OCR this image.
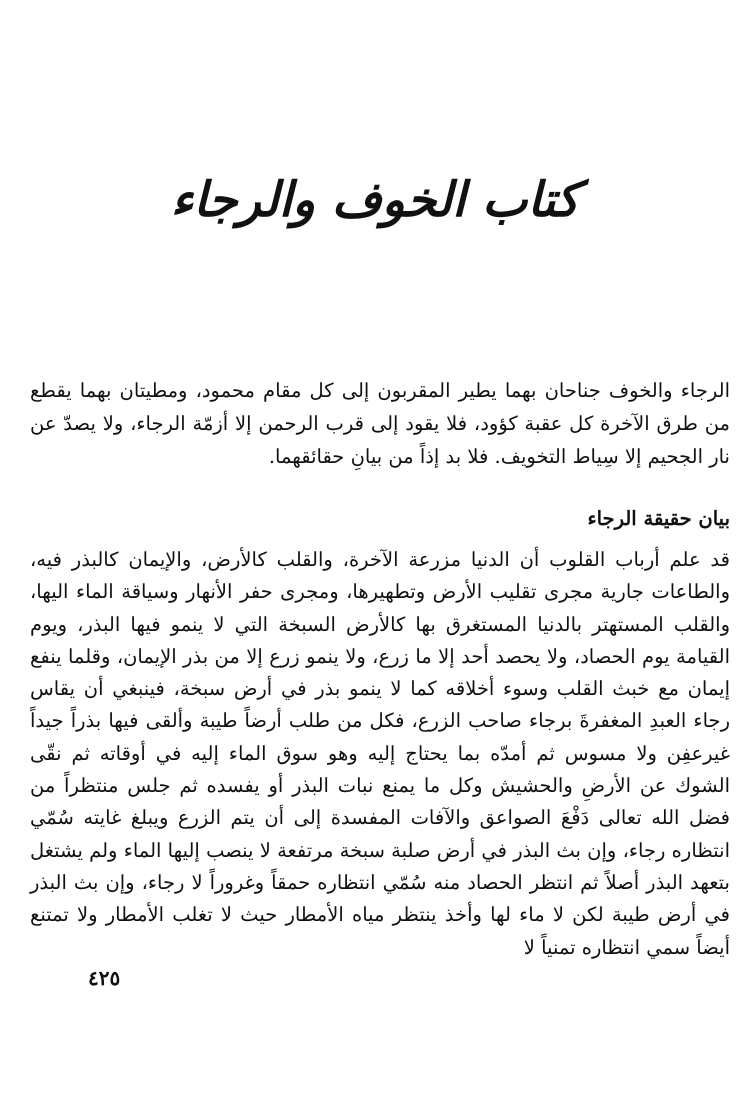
كتاب الخوف والرجاء

الرجاء والخوف جناحان بهما يطير المقربون إلى كل مقام محمود، ومطيتان بهما يقطع من طرق الآخرة كل عقبة كؤود، فلا يقود إلى قرب الرحمن إلا أزمّة الرجاء، ولا يصدّ عن نار الجحيم إلا سِياط التخويف. فلا بد إذاً من بيانِ حقائقهما.

بيان حقيقة الرجاء

قد علم أرباب القلوب أن الدنيا مزرعة الآخرة، والقلب كالأرض، والإيمان كالبذر فيه، والطاعات جارية مجرى تقليب الأرض وتطهيرها، ومجرى حفر الأنهار وسياقة الماء اليها، والقلب المستهتر بالدنيا المستغرق بها كالأرض السبخة التي لا ينمو فيها البذر، ويوم القيامة يوم الحصاد، ولا يحصد أحد إلا ما زرع، ولا ينمو زرع إلا من بذر الإيمان، وقلما ينفع إيمان مع خبث القلب وسوء أخلاقه كما لا ينمو بذر في أرض سبخة، فينبغي أن يقاس رجاء العبدِ المغفرةَ برجاء صاحب الزرع، فكل من طلب أرضاً طيبة وألقى فيها بذراً جيداً غيرعفِن ولا مسوس ثم أمدّه بما يحتاج إليه وهو سوق الماء إليه في أوقاته ثم نقّى الشوك عن الأرضِ والحشيش وكل ما يمنع نبات البذر أو يفسده ثم جلس منتظراً من فضل الله تعالى دَفْعَ الصواعق والآفات المفسدة إلى أن يتم الزرع ويبلغ غايته سُمّي انتظاره رجاء، وإن بث البذر في أرض صلبة سبخة مرتفعة لا ينصب إليها الماء ولم يشتغل بتعهد البذر أصلاً ثم انتظر الحصاد منه سُمّي انتظاره حمقاً وغروراً لا رجاء، وإن بث البذر في أرض طيبة لكن لا ماء لها وأخذ ينتظر مياه الأمطار حيث لا تغلب الأمطار ولا تمتنع أيضاً سمي انتظاره تمنياً لا

٤٢٥
